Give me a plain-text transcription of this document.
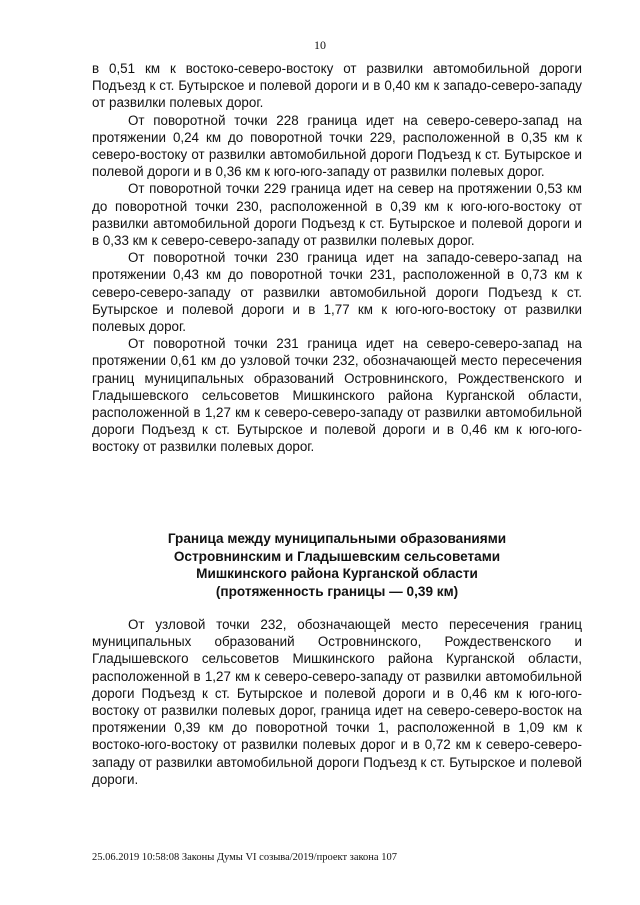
10

в 0,51 км к востоко-северо-востоку от развилки автомобильной дороги Подъезд к ст. Бутырское и полевой дороги и в 0,40 км к западо-северо-западу от развилки полевых дорог.

От поворотной точки 228 граница идет на северо-северо-запад на протяжении 0,24 км до поворотной точки 229, расположенной в 0,35 км к северо-востоку от развилки автомобильной дороги Подъезд к ст. Бутырское и полевой дороги и в 0,36 км к юго-юго-западу от развилки полевых дорог.

От поворотной точки 229 граница идет на север на протяжении 0,53 км до поворотной точки 230, расположенной в 0,39 км к юго-юго-востоку от развилки автомобильной дороги Подъезд к ст. Бутырское и полевой дороги и в 0,33 км к северо-северо-западу от развилки полевых дорог.

От поворотной точки 230 граница идет на западо-северо-запад на протяжении 0,43 км до поворотной точки 231, расположенной в 0,73 км к северо-северо-западу от развилки автомобильной дороги Подъезд к ст. Бутырское и полевой дороги и в 1,77 км к юго-юго-востоку от развилки полевых дорог.

От поворотной точки 231 граница идет на северо-северо-запад на протяжении 0,61 км до узловой точки 232, обозначающей место пересечения границ муниципальных образований Островнинского, Рождественского и Гладышевского сельсоветов Мишкинского района Курганской области, расположенной в 1,27 км к северо-северо-западу от развилки автомобильной дороги Подъезд к ст. Бутырское и полевой дороги и в 0,46 км к юго-юго-востоку от развилки полевых дорог.

Граница между муниципальными образованиями
Островнинским и Гладышевским сельсоветами
Мишкинского района Курганской области
(протяженность границы — 0,39 км)

От узловой точки 232, обозначающей место пересечения границ муниципальных образований Островнинского, Рождественского и Гладышевского сельсоветов Мишкинского района Курганской области, расположенной в 1,27 км к северо-северо-западу от развилки автомобильной дороги Подъезд к ст. Бутырское и полевой дороги и в 0,46 км к юго-юго-востоку от развилки полевых дорог, граница идет на северо-северо-восток на протяжении 0,39 км до поворотной точки 1, расположенной в 1,09 км к востоко-юго-востоку от развилки полевых дорог и в 0,72 км к северо-северо-западу от развилки автомобильной дороги Подъезд к ст. Бутырское и полевой дороги.

25.06.2019 10:58:08 Законы Думы VI созыва/2019/проект закона 107
